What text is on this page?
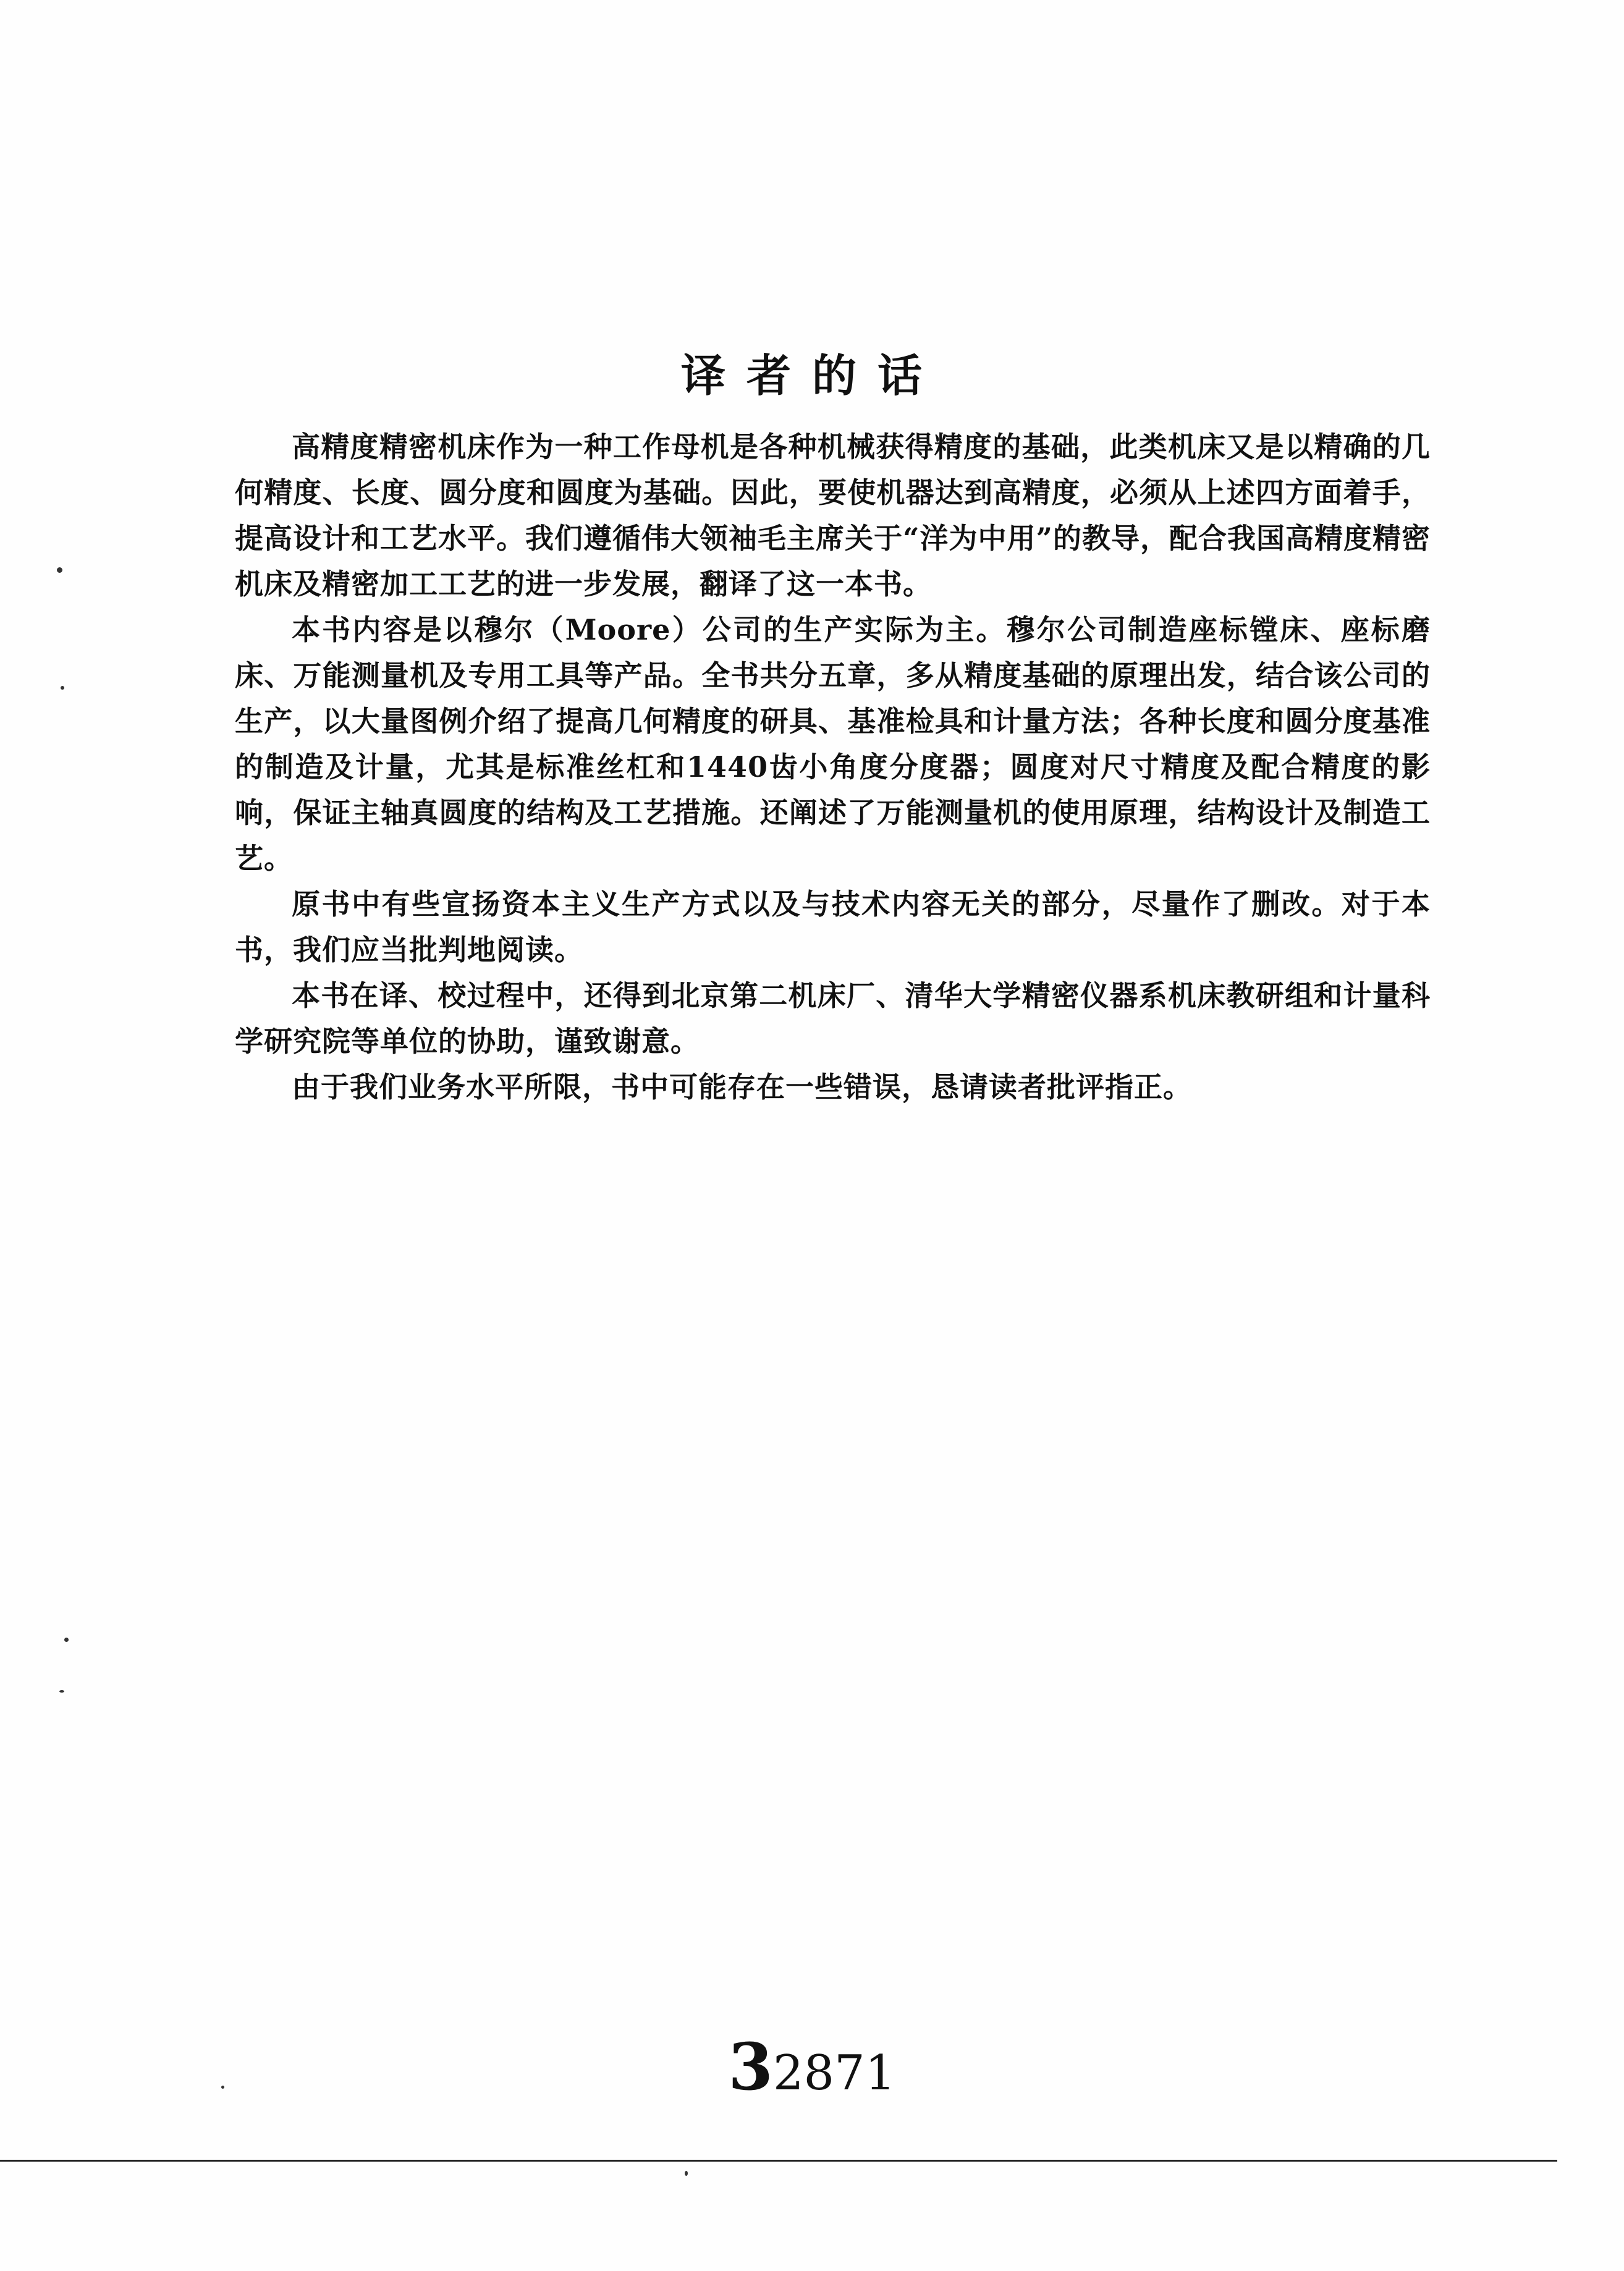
译者的话

高精度精密机床作为一种工作母机是各种机械获得精度的基础，此类机床又是以精确的几何精度、长度、圆分度和圆度为基础。因此，要使机器达到高精度，必须从上述四方面着手，提高设计和工艺水平。我们遵循伟大领袖毛主席关于“洋为中用”的教导，配合我国高精度精密机床及精密加工工艺的进一步发展，翻译了这一本书。

本书内容是以穆尔（Moore）公司的生产实际为主。穆尔公司制造座标镗床、座标磨床、万能测量机及专用工具等产品。全书共分五章，多从精度基础的原理出发，结合该公司的生产，以大量图例介绍了提高几何精度的研具、基准检具和计量方法；各种长度和圆分度基准的制造及计量，尤其是标准丝杠和1440齿小角度分度器；圆度对尺寸精度及配合精度的影响，保证主轴真圆度的结构及工艺措施。还阐述了万能测量机的使用原理，结构设计及制造工艺。

原书中有些宣扬资本主义生产方式以及与技术内容无关的部分，尽量作了删改。对于本书，我们应当批判地阅读。

本书在译、校过程中，还得到北京第二机床厂、清华大学精密仪器系机床教研组和计量科学研究院等单位的协助，谨致谢意。

由于我们业务水平所限，书中可能存在一些错误，恳请读者批评指正。

32871
